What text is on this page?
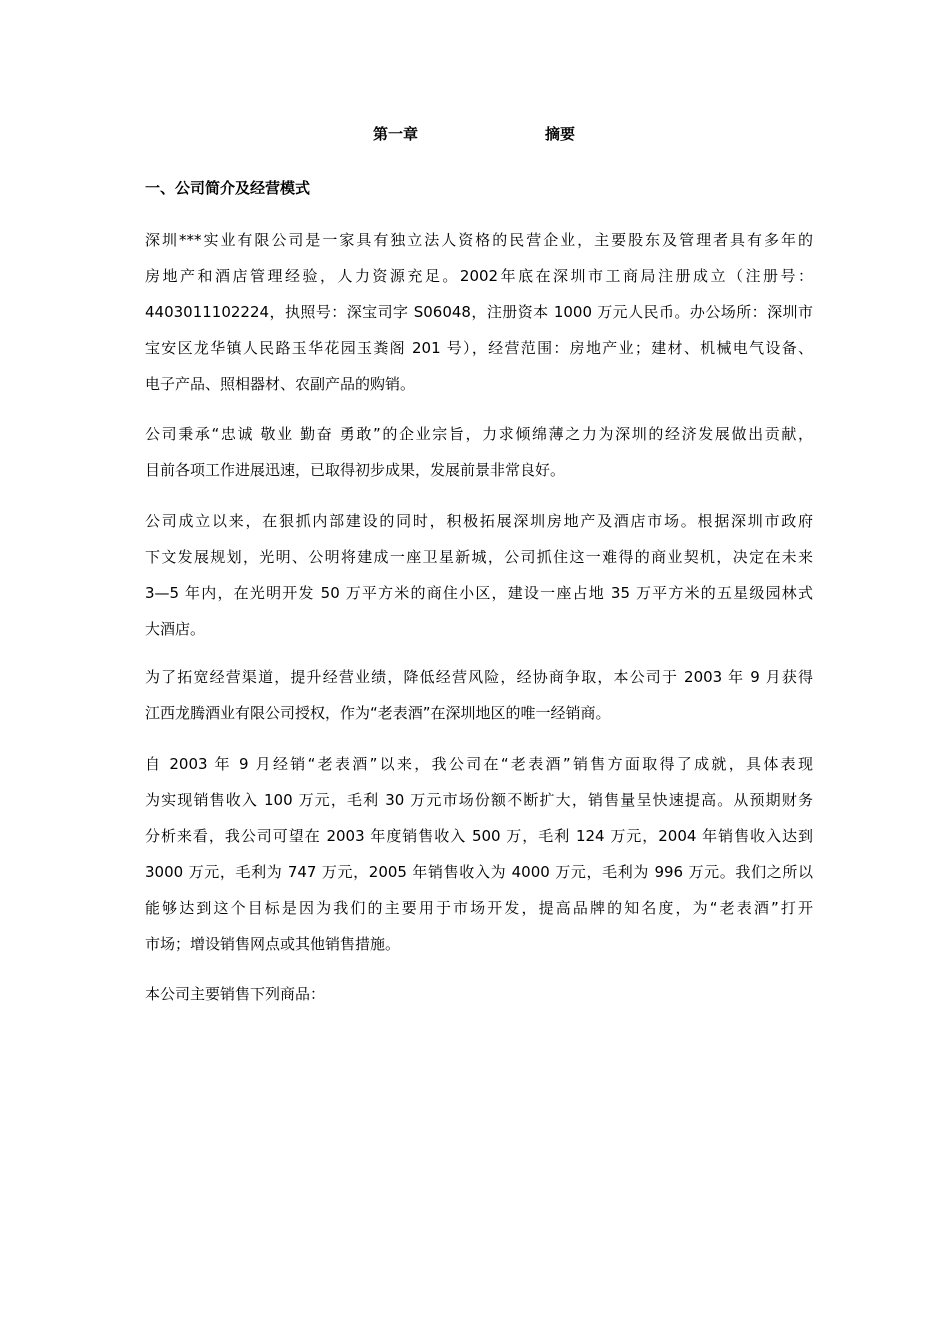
第一章	摘要
一、公司简介及经营模式
深圳***实业有限公司是一家具有独立法人资格的民营企业，主要股东及管理者具有多年的
房地产和酒店管理经验，人力资源充足。2002年底在深圳市工商局注册成立（注册号：
4403011102224，执照号：深宝司字 S06048，注册资本 1000 万元人民币。办公场所：深圳市
宝安区龙华镇人民路玉华花园玉粪阁 201 号），经营范围：房地产业；建材、机械电气设备、
电子产品、照相器材、农副产品的购销。
公司秉承“忠诚 敬业 勤奋 勇敢”的企业宗旨，力求倾绵薄之力为深圳的经济发展做出贡献，
目前各项工作进展迅速，已取得初步成果，发展前景非常良好。
公司成立以来，在狠抓内部建设的同时，积极拓展深圳房地产及酒店市场。根据深圳市政府
下文发展规划，光明、公明将建成一座卫星新城，公司抓住这一难得的商业契机，决定在未来
3—5 年内，在光明开发 50 万平方米的商住小区，建设一座占地 35 万平方米的五星级园林式
大酒店。
为了拓宽经营渠道，提升经营业绩，降低经营风险，经协商争取，本公司于 2003 年 9 月获得
江西龙腾酒业有限公司授权，作为“老表酒”在深圳地区的唯一经销商。
自 2003 年 9 月经销“老表酒”以来，我公司在“老表酒”销售方面取得了成就，具体表现
为实现销售收入 100 万元，毛利 30 万元市场份额不断扩大，销售量呈快速提高。从预期财务
分析来看，我公司可望在 2003 年度销售收入 500 万，毛利 124 万元，2004 年销售收入达到
3000 万元，毛利为 747 万元，2005 年销售收入为 4000 万元，毛利为 996 万元。我们之所以
能够达到这个目标是因为我们的主要用于市场开发，提高品牌的知名度，为“老表酒”打开
市场；增设销售网点或其他销售措施。
本公司主要销售下列商品：
